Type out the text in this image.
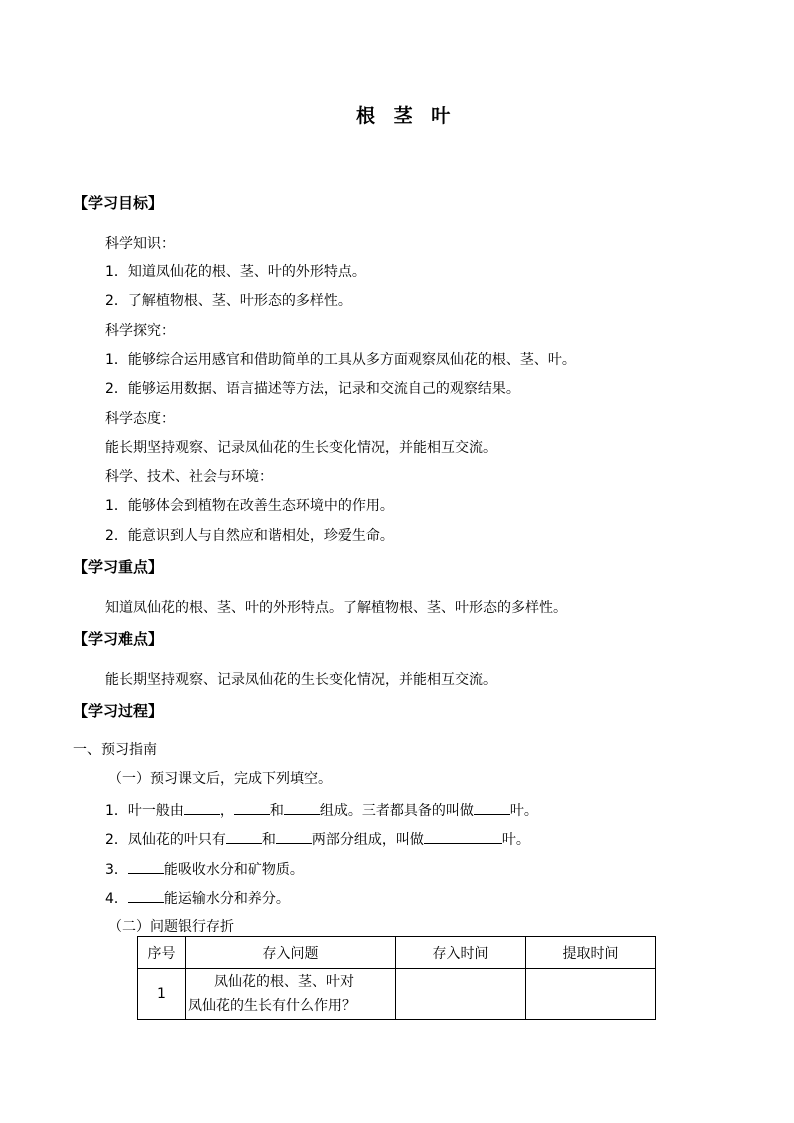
根 茎 叶
【学习目标】
科学知识：
1．知道凤仙花的根、茎、叶的外形特点。
2．了解植物根、茎、叶形态的多样性。
科学探究：
1．能够综合运用感官和借助简单的工具从多方面观察凤仙花的根、茎、叶。
2．能够运用数据、语言描述等方法，记录和交流自己的观察结果。
科学态度：
能长期坚持观察、记录凤仙花的生长变化情况，并能相互交流。
科学、技术、社会与环境：
1．能够体会到植物在改善生态环境中的作用。
2．能意识到人与自然应和谐相处，珍爱生命。
【学习重点】
知道凤仙花的根、茎、叶的外形特点。了解植物根、茎、叶形态的多样性。
【学习难点】
能长期坚持观察、记录凤仙花的生长变化情况，并能相互交流。
【学习过程】
一、预习指南
（一）预习课文后，完成下列填空。
1．叶一般由	，	和	组成。三者都具备的叫做	叶。
2．凤仙花的叶只有	和	两部分组成，叫做	叶。
3．	能吸收水分和矿物质。
4．	能运输水分和养分。
（二）问题银行存折
序号	存入问题	存入时间	提取时间
1	凤仙花的根、茎、叶对
凤仙花的生长有什么作用？		
